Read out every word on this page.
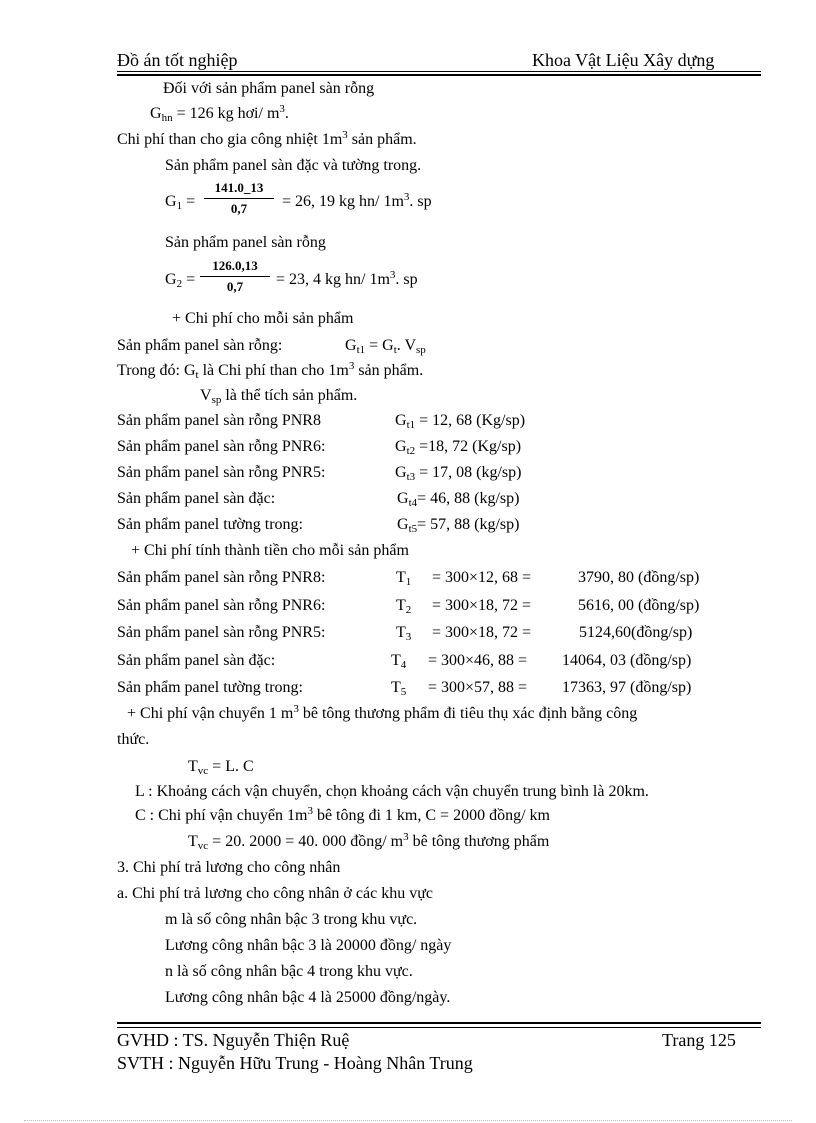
Đồ án tốt nghiệp	Khoa Vật Liệu Xây dựng
Đối với sản phẩm panel sàn rỗng
$G_{hn} = 126$ kg hơi/ $m^3$.
Chi phí than cho gia công nhiệt $1m^3$ sản phẩm.
Sản phẩm panel sàn đặc và tường trong.
$G_1$ =
141.0_13
0,7	= 26, 19 kg hn/ $1m^3$. sp
Sản phẩm panel sàn rỗng
$G_2$ =
126.0,13
0,7	= 23, 4 kg hn/ $1m^3$. sp
+ Chi phí cho mỗi sản phẩm
Sản phẩm panel sàn rỗng:	$G_{t1} = G_t$. $V_{sp}$
Trong đó: $G_t$ là Chi phí than cho $1m^3$ sản phẩm.
$V_{sp}$ là thể tích sản phẩm.
Sản phẩm panel sàn rỗng PNR8	$G_{t1} = 12$, 68 (Kg/sp)
Sản phẩm panel sàn rỗng PNR6:	$G_{t2} =18$, 72 (Kg/sp)
Sản phẩm panel sàn rỗng PNR5:	$G_{t3} = 17$, 08 (kg/sp)
Sản phẩm panel sàn đặc:	$G_{t4}= 46$, 88 (kg/sp)
Sản phẩm panel tường trong:	$G_{t5}= 57$, 88 (kg/sp)
+ Chi phí tính thành tiền cho mỗi sản phẩm
Sản phẩm panel sàn rỗng PNR8:	$T_1 = 300\times 12$, 68 =	3790, 80 (đồng/sp)
Sản phẩm panel sàn rỗng PNR6:	$T_2 = 300\times 18$, 72 =	5616, 00 (đồng/sp)
Sản phẩm panel sàn rỗng PNR5:	$T_3 = 300\times 18$, 72 =	5124,60(đồng/sp)
Sản phẩm panel sàn đặc:	$T_4 = 300\times 46$, 88 = 14064, 03 (đồng/sp)
Sản phẩm panel tường trong:	$T_5 = 300\times 57$, 88 = 17363, 97 (đồng/sp)
+ Chi phí vận chuyển 1 $m^3$ bê tông thương phẩm đi tiêu thụ xác định bằng công
thức.
$T_{vc} = L$. C
L : Khoảng cách vận chuyển, chọn khoảng cách vận chuyển trung bình là 20km.
C : Chi phí vận chuyển $1m^3$ bê tông đi 1 km, C = 2000 đồng/ km
$T_{vc} = 20$. 2000 = 40. 000 đồng/ $m^3$ bê tông thương phẩm
3. Chi phí trả lương cho công nhân
a. Chi phí trả lương cho công nhân ở các khu vực
m là số công nhân bậc 3 trong khu vực.
Lương công nhân bậc 3 là 20000 đồng/ ngày
n là số công nhân bậc 4 trong khu vực.
Lương công nhân bậc 4 là 25000 đồng/ngày.
GVHD : TS. Nguyễn Thiện Ruệ	Trang 125
SVTH : Nguyễn Hữu Trung - Hoàng Nhân Trung
